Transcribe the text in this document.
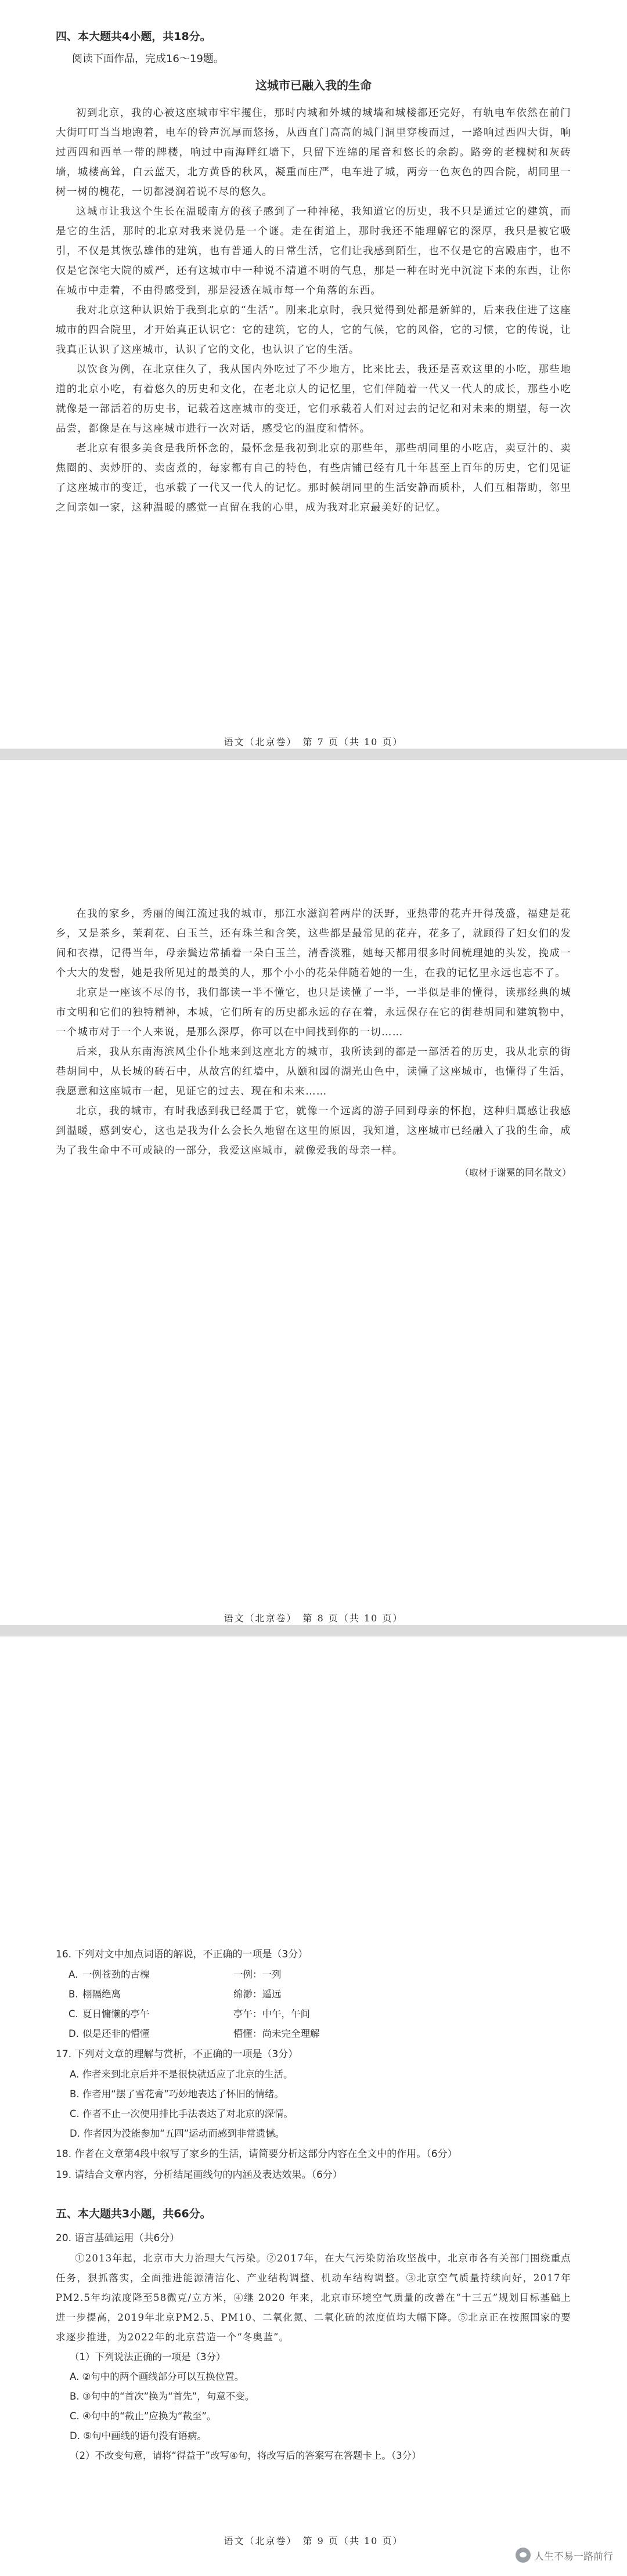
四、本大题共4小题，共18分。

阅读下面作品，完成16～19题。

这城市已融入我的生命

初到北京，我的心被这座城市牢牢攫住，那时内城和外城的城墙和城楼都还完好，有轨电车依然在前门大街叮叮当当地跑着，电车的铃声沉厚而悠扬，从西直门高高的城门洞里穿梭而过，一路响过西四大街，响过西四和西单一带的牌楼，响过中南海畔红墙下，只留下连绵的尾音和悠长的余韵。路旁的老槐树和灰砖墙，城楼高耸，白云蓝天，北方黄昏的秋风，凝重而庄严，电车进了城，两旁一色灰色的四合院，胡同里一树一树的槐花，一切都浸润着说不尽的悠久。

这城市让我这个生长在温暖南方的孩子感到了一种神秘，我知道它的历史，我不只是通过它的建筑，而是它的生活，那时的北京对我来说仍是一个谜。走在街道上，那时我还不能理解它的深厚，我只是被它吸引，不仅是其恢弘雄伟的建筑，也有普通人的日常生活，它们让我感到陌生，也不仅是它的宫殿庙宇，也不仅是它深宅大院的威严，还有这城市中一种说不清道不明的气息，那是一种在时光中沉淀下来的东西，让你在城市中走着，不由得感受到，那是浸透在城市每一个角落的东西。

我对北京这种认识始于我到北京的“生活”。刚来北京时，我只觉得到处都是新鲜的，后来我住进了这座城市的四合院里，才开始真正认识它：它的建筑，它的人，它的气候，它的风俗，它的习惯，它的传说，让我真正认识了这座城市，认识了它的文化，也认识了它的生活。

以饮食为例，在北京住久了，我从国内外吃过了不少地方，比来比去，我还是喜欢这里的小吃，那些地道的北京小吃，有着悠久的历史和文化，在老北京人的记忆里，它们伴随着一代又一代人的成长，那些小吃就像是一部活着的历史书，记载着这座城市的变迁，它们承载着人们对过去的记忆和对未来的期望，每一次品尝，都像是在与这座城市进行一次对话，感受它的温度和情怀。

老北京有很多美食是我所怀念的，最怀念是我初到北京的那些年，那些胡同里的小吃店，卖豆汁的、卖焦圈的、卖炒肝的、卖卤煮的，每家都有自己的特色，有些店铺已经有几十年甚至上百年的历史，它们见证了这座城市的变迁，也承载了一代又一代人的记忆。那时候胡同里的生活安静而质朴，人们互相帮助，邻里之间亲如一家，这种温暖的感觉一直留在我的心里，成为我对北京最美好的记忆。

语文（北京卷）　第 7 页（共 10 页）

在我的家乡，秀丽的闽江流过我的城市，那江水滋润着两岸的沃野，亚热带的花卉开得茂盛，福建是花乡，又是茶乡，茉莉花、白玉兰，还有珠兰和含笑，这些都是最常见的花卉，花多了，就顾得了妇女们的发间和衣襟，记得当年，母亲鬓边常插着一朵白玉兰，清香淡雅，她每天都用很多时间梳理她的头发，挽成一个大大的发髻，她是我所见过的最美的人，那个小小的花朵伴随着她的一生，在我的记忆里永远也忘不了。

北京是一座该不尽的书，我们都读一半不懂它，也只是读懂了一半，一半似是非的懂得，读那经典的城市文明和它们的独特精神，本城，它们所有的历史都永远的存在着，永远保存在它的街巷胡同和建筑物中，一个城市对于一个人来说，是那么深厚，你可以在中间找到你的一切……

后来，我从东南海滨风尘仆仆地来到这座北方的城市，我所读到的都是一部活着的历史，我从北京的街巷胡同中，从长城的砖石中，从故宫的红墙中，从颐和园的湖光山色中，读懂了这座城市，也懂得了生活，我愿意和这座城市一起，见证它的过去、现在和未来……

北京，我的城市，有时我感到我已经属于它，就像一个远离的游子回到母亲的怀抱，这种归属感让我感到温暖，感到安心，这也是我为什么会长久地留在这里的原因，我知道，这座城市已经融入了我的生命，成为了我生命中不可或缺的一部分，我爱这座城市，就像爱我的母亲一样。

（取材于谢冕的同名散文）
语文（北京卷）　第 8 页（共 10 页）

16. 下列对文中加点词语的解说，不正确的一项是（3分）

A. 一例苍劲的古槐	一例：一列
B. 栩隔绝离	绵渺：遥远
C. 夏日慵懒的亭午	亭午：中午，午间
D. 似是还非的懵懂	懵懂：尚未完全理解

17. 下列对文章的理解与赏析，不正确的一项是（3分）

A. 作者来到北京后并不是很快就适应了北京的生活。
B. 作者用“摆了雪花膏”巧妙地表达了怀旧的情绪。
C. 作者不止一次使用排比手法表达了对北京的深情。
D. 作者因为没能参加“五四”运动而感到非常遗憾。

18. 作者在文章第4段中叙写了家乡的生活，请简要分析这部分内容在全文中的作用。（6分）

19. 请结合文章内容，分析结尾画线句的内涵及表达效果。（6分）

五、本大题共3小题，共66分。

20. 语言基础运用（共6分）

①2013年起，北京市大力治理大气污染。②2017年，在大气污染防治攻坚战中，北京市各有关部门围绕重点任务，狠抓落实，全面推进能源清洁化、产业结构调整、机动车结构调整。③北京空气质量持续向好，2017年PM2.5年均浓度降至58微克/立方米，④继 2020 年来，北京市环境空气质量的改善在“十三五”规划目标基础上进一步提高，2019年北京PM2.5、PM10、二氧化氮、二氧化硫的浓度值均大幅下降。⑤北京正在按照国家的要求逐步推进，为2022年的北京营造一个“冬奥蓝”。

（1）下列说法正确的一项是（3分）
A. ②句中的两个画线部分可以互换位置。
B. ③句中的“首次”换为“首先”，句意不变。
C. ④句中的“截止”应换为“截至”。
D. ⑤句中画线的语句没有语病。
（2）不改变句意，请将“得益于”改写④句，将改写后的答案写在答题卡上。（3分）
语文（北京卷）　第 9 页（共 10 页）
人生不易一路前行
